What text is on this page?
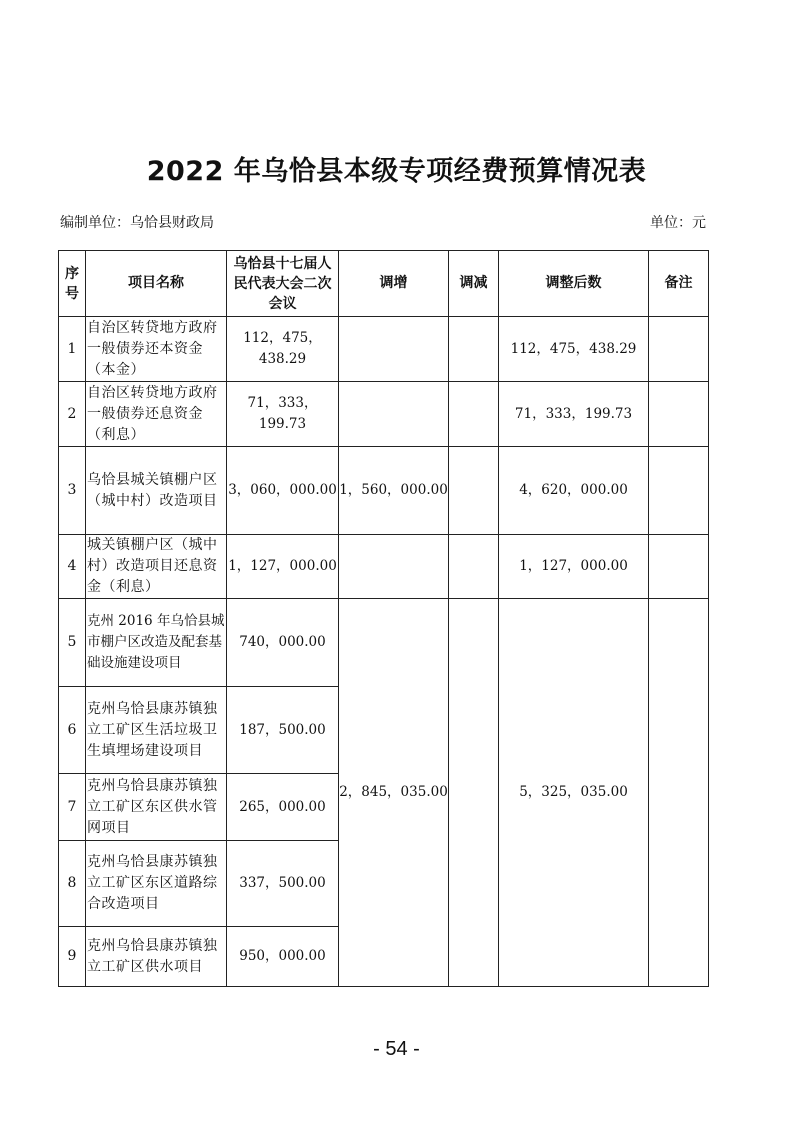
2022 年乌恰县本级专项经费预算情况表
编制单位：乌恰县财政局	单位：元
序号	项目名称	乌恰县十七届人民代表大会二次会议	调增	调减	调整后数	备注
1	自治区转贷地方政府一般债券还本资金（本金）	112，475，438.29			112，475，438.29	
2	自治区转贷地方政府一般债券还息资金（利息）	71，333，199.73			71，333，199.73	
3	乌恰县城关镇棚户区（城中村）改造项目	3，060，000.00	1，560，000.00		4，620，000.00	
4	城关镇棚户区（城中村）改造项目还息资金（利息）	1，127，000.00			1，127，000.00	
5	克州 2016 年乌恰县城市棚户区改造及配套基础设施建设项目	740，000.00	2，845，035.00		5，325，035.00	
6	克州乌恰县康苏镇独立工矿区生活垃圾卫生填埋场建设项目	187，500.00				
7	克州乌恰县康苏镇独立工矿区东区供水管网项目	265，000.00				
8	克州乌恰县康苏镇独立工矿区东区道路综合改造项目	337，500.00				
9	克州乌恰县康苏镇独立工矿区供水项目	950，000.00				
- 54 -
